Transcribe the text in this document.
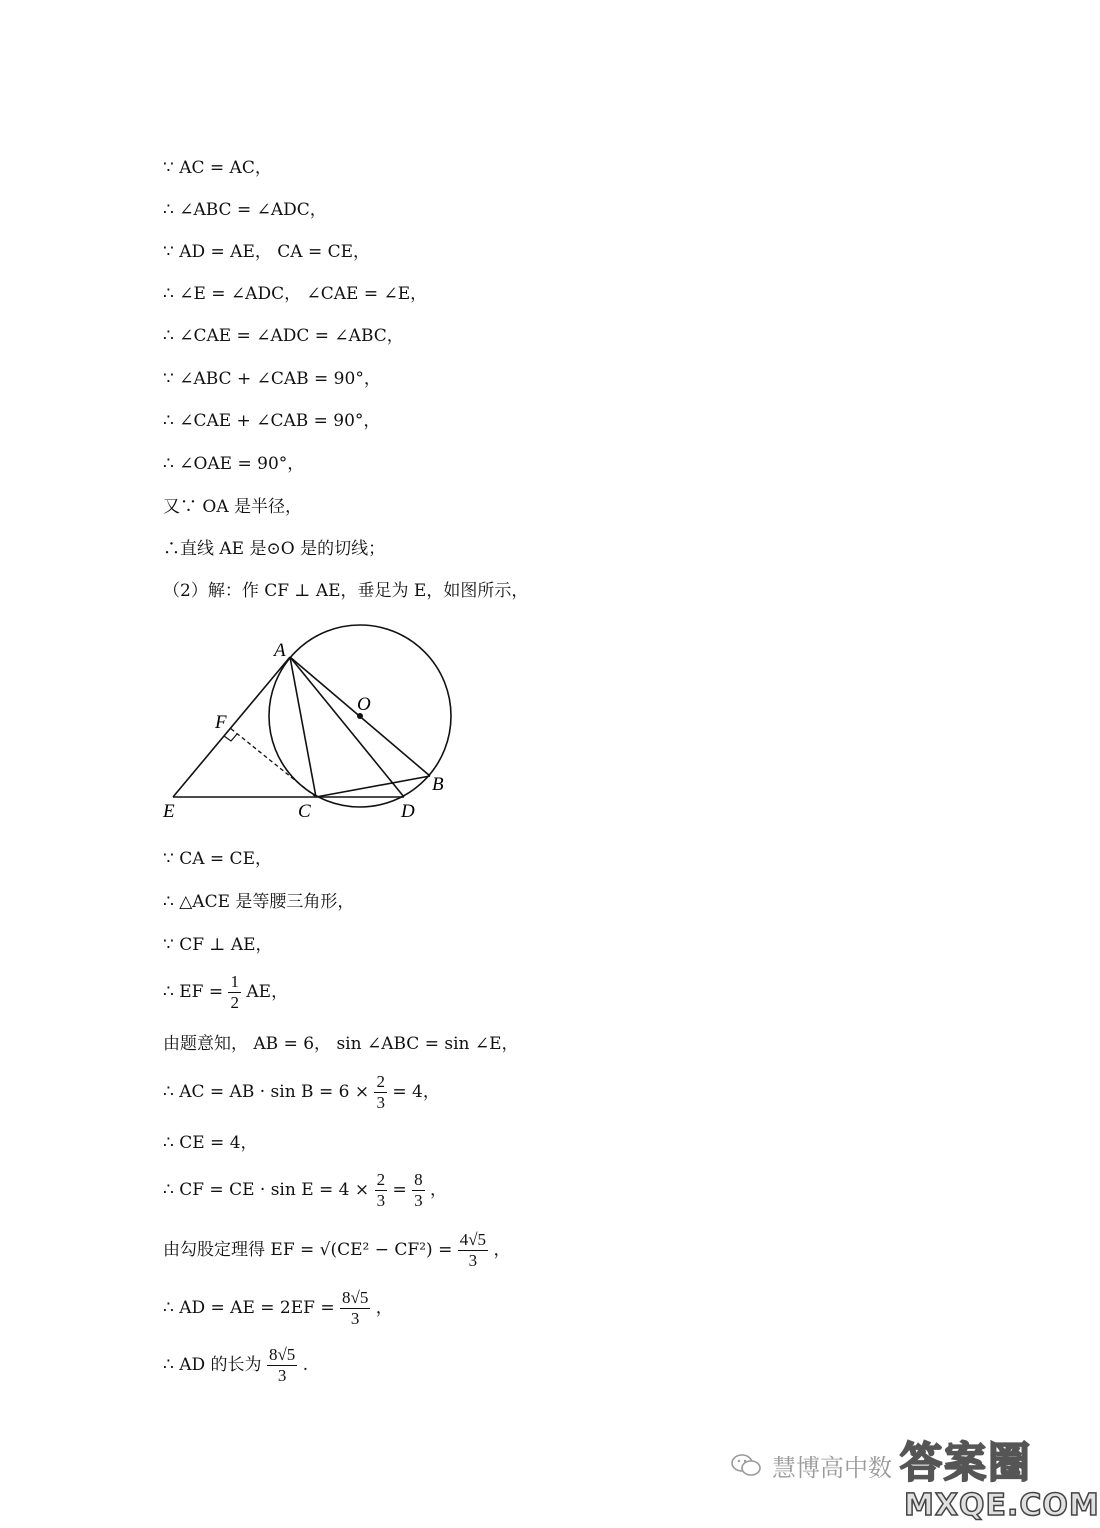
∵ AC = AC，
∴ ∠ABC = ∠ADC，
∵ AD = AE， CA = CE，
∴ ∠E = ∠ADC， ∠CAE = ∠E，
∴ ∠CAE = ∠ADC = ∠ABC，
∵ ∠ABC + ∠CAB = 90°，
∴ ∠CAE + ∠CAB = 90°，
∴ ∠OAE = 90°，
又∵ OA 是半径，
∴直线 AE 是⊙O 是的切线；
（2）解：作 CF ⊥ AE，垂足为 E，如图所示，
A
O
F
B
E	C	D
∵ CA = CE，
∴ △ACE 是等腰三角形，
∵ CF ⊥ AE，
∴ EF = $\frac{1}{2}$ AE，
由题意知， AB = 6， sin ∠ABC = sin ∠E，
∴ AC = AB · $\sin B = 6 \times \frac{2}{3} = 4$，
∴ CE = 4，
∴ CF = CE · $\sin E = 4 \times \frac{2}{3} = \frac{8}{3}$ ，
由勾股定理得 EF = $√(CE^2 - CF^2) = \frac{4√5}{3}$ ，
∴ AD = AE = $2EF = \frac{8√5}{3}$ ，
∴ AD 的长为 $\frac{8√5}{3}$ .
慧博高中数 答案圈
MXQE.COM
